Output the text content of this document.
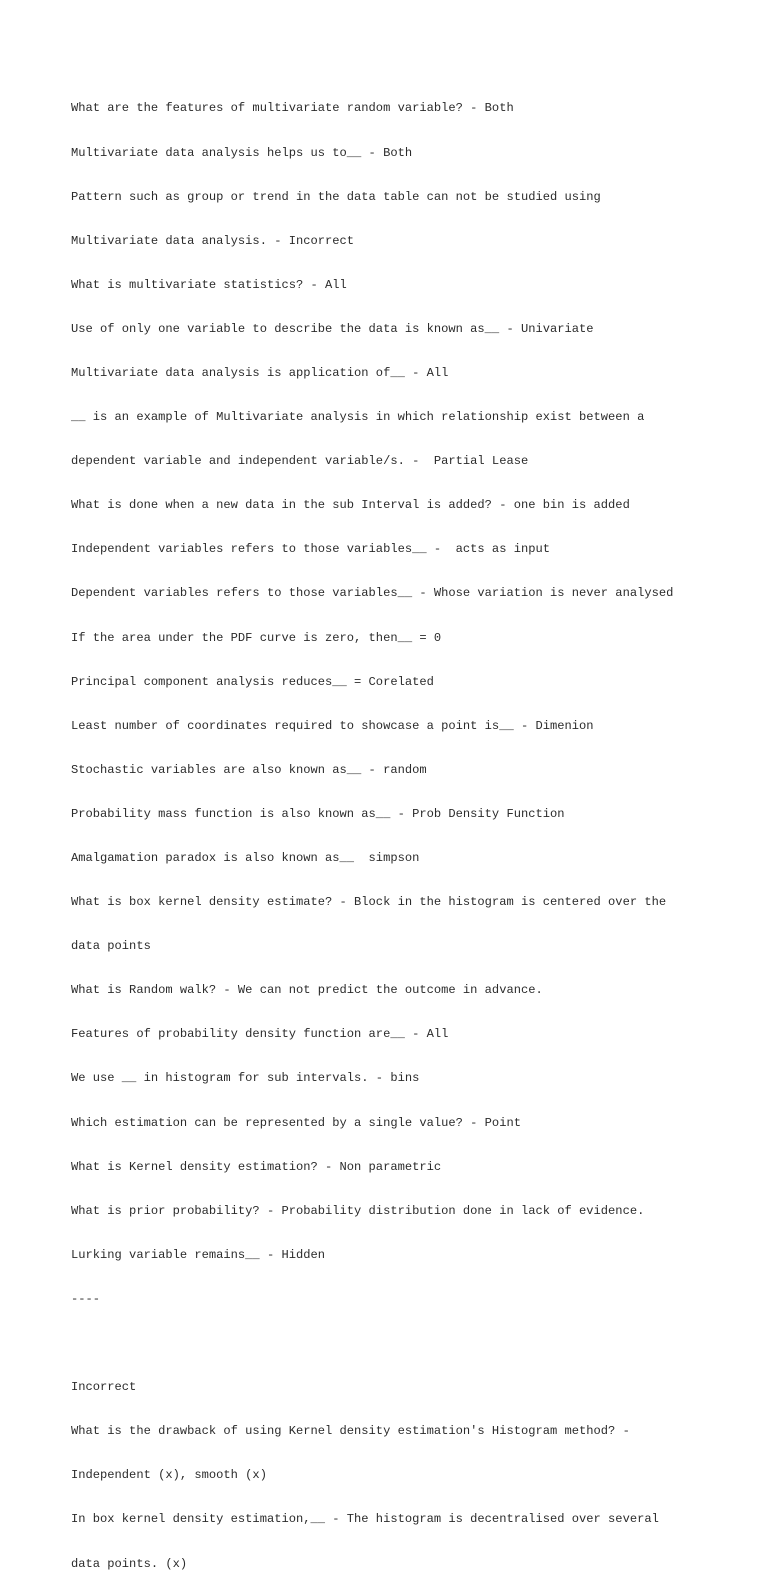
What are the features of multivariate random variable? - Both

Multivariate data analysis helps us to__ - Both

Pattern such as group or trend in the data table can not be studied using

Multivariate data analysis. - Incorrect

What is multivariate statistics? - All

Use of only one variable to describe the data is known as__ - Univariate

Multivariate data analysis is application of__ - All

__ is an example of Multivariate analysis in which relationship exist between a

dependent variable and independent variable/s. -  Partial Lease

What is done when a new data in the sub Interval is added? - one bin is added

Independent variables refers to those variables__ -  acts as input

Dependent variables refers to those variables__ - Whose variation is never analysed

If the area under the PDF curve is zero, then__ = 0

Principal component analysis reduces__ = Corelated

Least number of coordinates required to showcase a point is__ - Dimenion

Stochastic variables are also known as__ - random

Probability mass function is also known as__ - Prob Density Function

Amalgamation paradox is also known as__  simpson

What is box kernel density estimate? - Block in the histogram is centered over the

data points

What is Random walk? - We can not predict the outcome in advance.

Features of probability density function are__ - All

We use __ in histogram for sub intervals. - bins

Which estimation can be represented by a single value? - Point

What is Kernel density estimation? - Non parametric

What is prior probability? - Probability distribution done in lack of evidence.

Lurking variable remains__ - Hidden

----

Incorrect

What is the drawback of using Kernel density estimation's Histogram method? -

Independent (x), smooth (x)

In box kernel density estimation,__ - The histogram is decentralised over several

data points. (x)
